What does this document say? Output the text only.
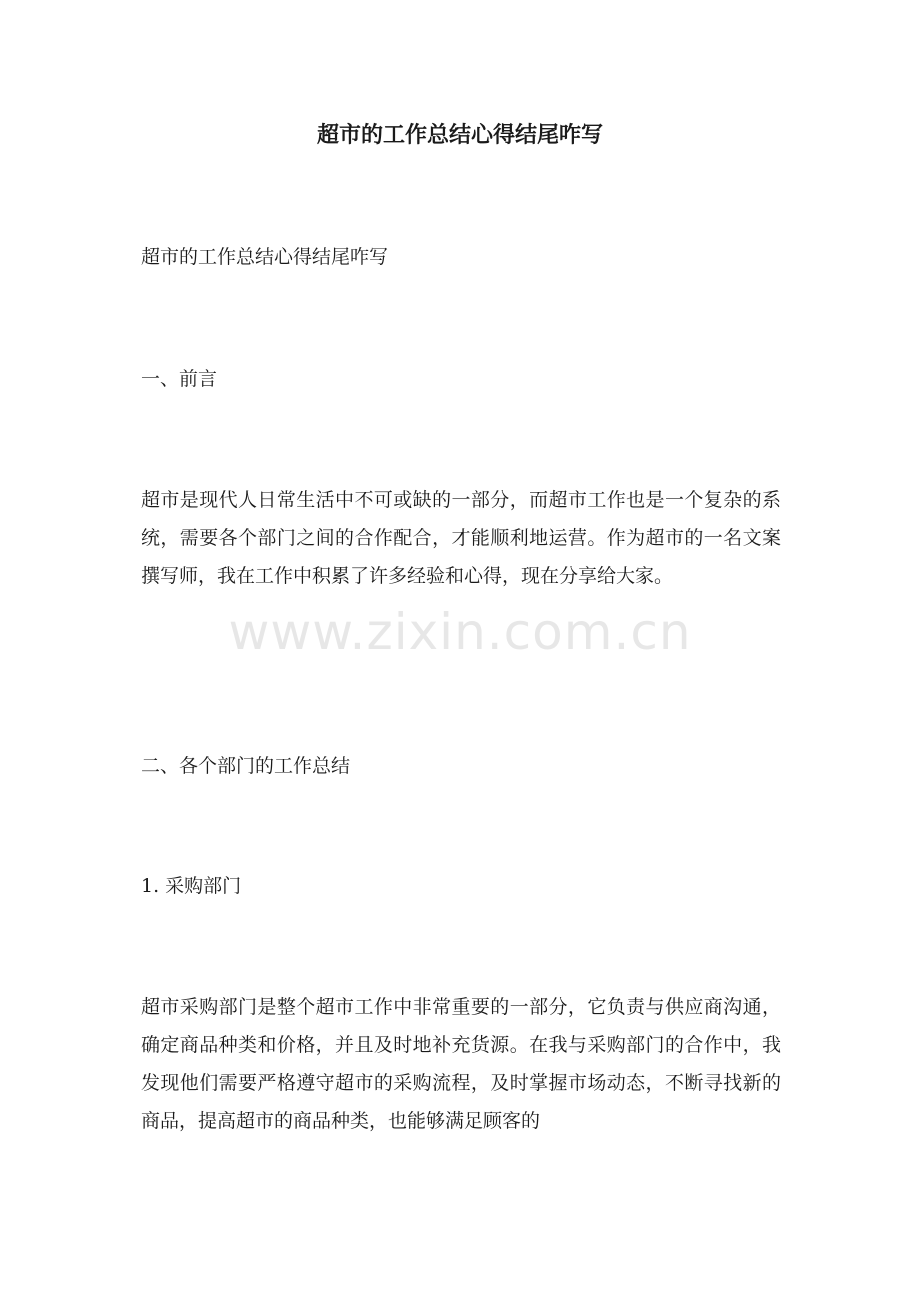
超市的工作总结心得结尾咋写

超市的工作总结心得结尾咋写

一、前言

超市是现代人日常生活中不可或缺的一部分，而超市工作也是一个复杂的系统，需要各个部门之间的合作配合，才能顺利地运营。作为超市的一名文案撰写师，我在工作中积累了许多经验和心得，现在分享给大家。

二、各个部门的工作总结

1. 采购部门

超市采购部门是整个超市工作中非常重要的一部分，它负责与供应商沟通，确定商品种类和价格，并且及时地补充货源。在我与采购部门的合作中，我发现他们需要严格遵守超市的采购流程，及时掌握市场动态，不断寻找新的商品，提高超市的商品种类，也能够满足顾客的

www.zixin.com.cn
